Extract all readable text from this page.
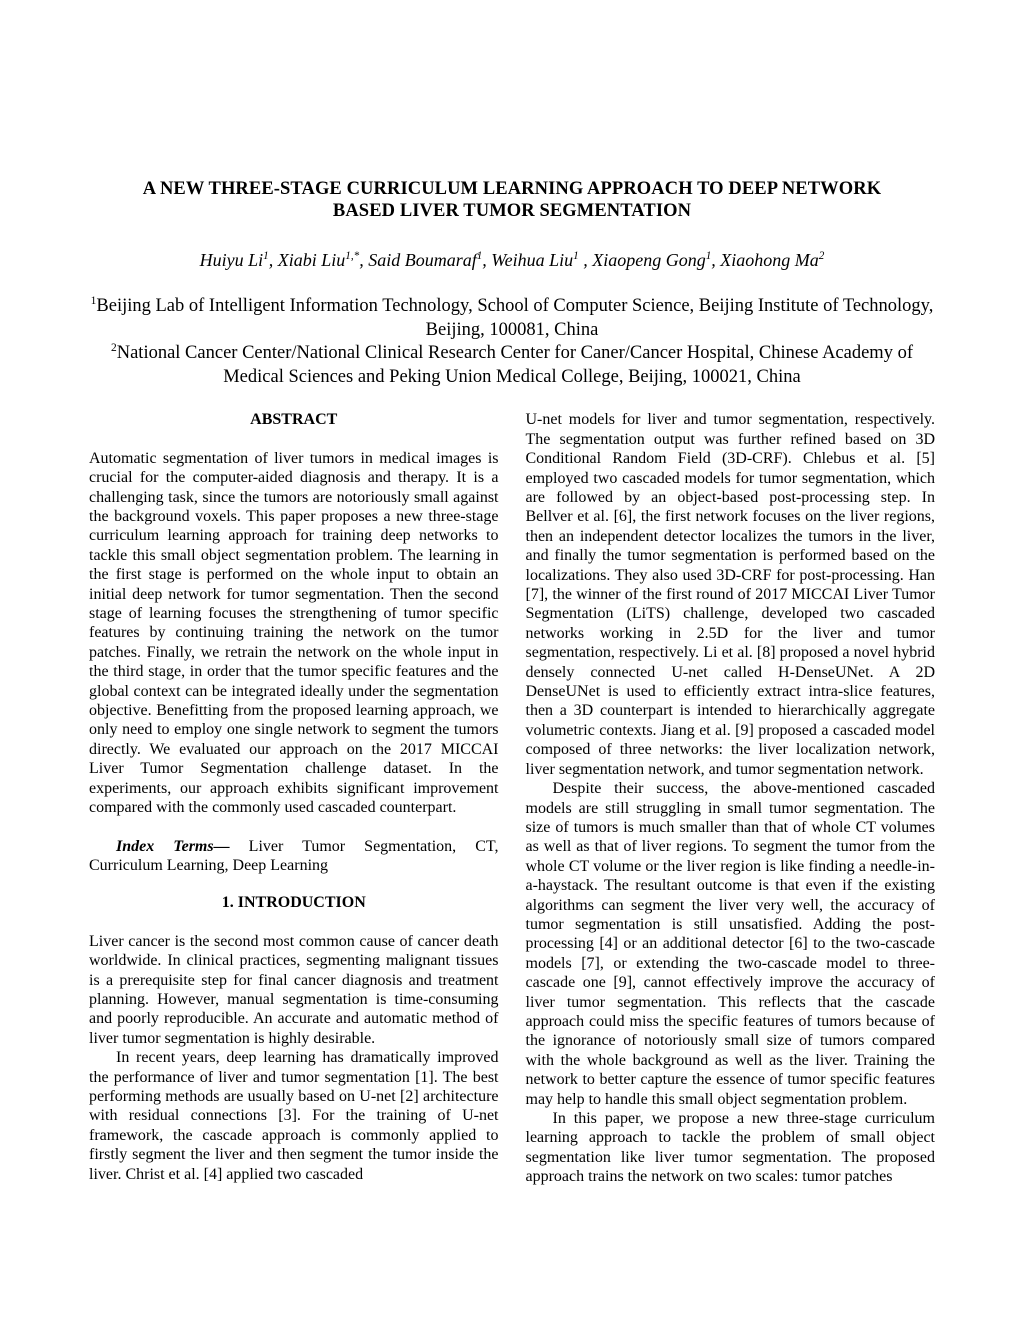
A NEW THREE-STAGE CURRICULUM LEARNING APPROACH TO DEEP NETWORK
BASED LIVER TUMOR SEGMENTATION
Huiyu Li$^1$, Xiabi Liu$^{1,*}$, Said Boumaraf$^1$, Weihua Liu$^1$ , Xiaopeng Gong$^1$, Xiaohong Ma$^2$
$^1$Beijing Lab of Intelligent Information Technology, School of Computer Science, Beijing Institute of Technology, Beijing, 100081, China
$^2$National Cancer Center/National Clinical Research Center for Caner/Cancer Hospital, Chinese Academy of Medical Sciences and Peking Union Medical College, Beijing, 100021, China
ABSTRACT

Automatic segmentation of liver tumors in medical images is crucial for the computer-aided diagnosis and therapy. It is a challenging task, since the tumors are notoriously small against the background voxels. This paper proposes a new three-stage curriculum learning approach for training deep networks to tackle this small object segmentation problem. The learning in the first stage is performed on the whole input to obtain an initial deep network for tumor segmentation. Then the second stage of learning focuses the strengthening of tumor specific features by continuing training the network on the tumor patches. Finally, we retrain the network on the whole input in the third stage, in order that the tumor specific features and the global context can be integrated ideally under the segmentation objective. Benefitting from the proposed learning approach, we only need to employ one single network to segment the tumors directly. We evaluated our approach on the 2017 MICCAI Liver Tumor Segmentation challenge dataset. In the experiments, our approach exhibits significant improvement compared with the commonly used cascaded counterpart.

Index Terms— Liver Tumor Segmentation, CT, Curriculum Learning, Deep Learning

1. INTRODUCTION

Liver cancer is the second most common cause of cancer death worldwide. In clinical practices, segmenting malignant tissues is a prerequisite step for final cancer diagnosis and treatment planning. However, manual segmentation is time-consuming and poorly reproducible. An accurate and automatic method of liver tumor segmentation is highly desirable.

In recent years, deep learning has dramatically improved the performance of liver and tumor segmentation [1]. The best performing methods are usually based on U-net [2] architecture with residual connections [3]. For the training of U-net framework, the cascade approach is commonly applied to firstly segment the liver and then segment the tumor inside the liver. Christ et al. [4] applied two cascaded

U-net models for liver and tumor segmentation, respectively. The segmentation output was further refined based on 3D Conditional Random Field (3D-CRF). Chlebus et al. [5] employed two cascaded models for tumor segmentation, which are followed by an object-based post-processing step. In Bellver et al. [6], the first network focuses on the liver regions, then an independent detector localizes the tumors in the liver, and finally the tumor segmentation is performed based on the localizations. They also used 3D-CRF for post-processing. Han [7], the winner of the first round of 2017 MICCAI Liver Tumor Segmentation (LiTS) challenge, developed two cascaded networks working in 2.5D for the liver and tumor segmentation, respectively. Li et al. [8] proposed a novel hybrid densely connected U-net called H-DenseUNet. A 2D DenseUNet is used to efficiently extract intra-slice features, then a 3D counterpart is intended to hierarchically aggregate volumetric contexts. Jiang et al. [9] proposed a cascaded model composed of three networks: the liver localization network, liver segmentation network, and tumor segmentation network.

Despite their success, the above-mentioned cascaded models are still struggling in small tumor segmentation. The size of tumors is much smaller than that of whole CT volumes as well as that of liver regions. To segment the tumor from the whole CT volume or the liver region is like finding a needle-in-a-haystack. The resultant outcome is that even if the existing algorithms can segment the liver very well, the accuracy of tumor segmentation is still unsatisfied. Adding the post-processing [4] or an additional detector [6] to the two-cascade models [7], or extending the two-cascade model to three-cascade one [9], cannot effectively improve the accuracy of liver tumor segmentation. This reflects that the cascade approach could miss the specific features of tumors because of the ignorance of notoriously small size of tumors compared with the whole background as well as the liver. Training the network to better capture the essence of tumor specific features may help to handle this small object segmentation problem.

In this paper, we propose a new three-stage curriculum learning approach to tackle the problem of small object segmentation like liver tumor segmentation. The proposed approach trains the network on two scales: tumor patches
